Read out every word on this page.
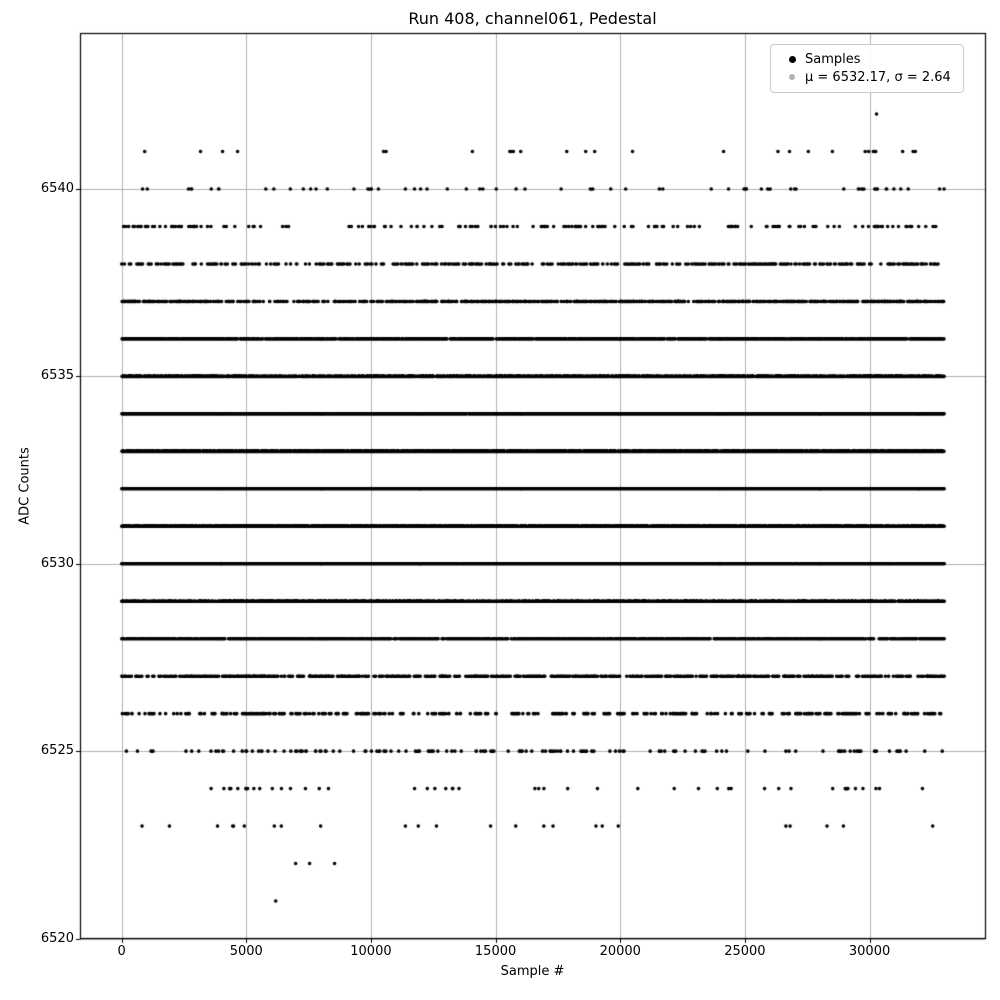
Run 408, channel061, Pedestal
0	5000	10000	15000	20000	25000	30000
6520
6525
6530
6535
6540
Sample #
ADC Counts
Samples
μ = 6532.17, σ = 2.64
